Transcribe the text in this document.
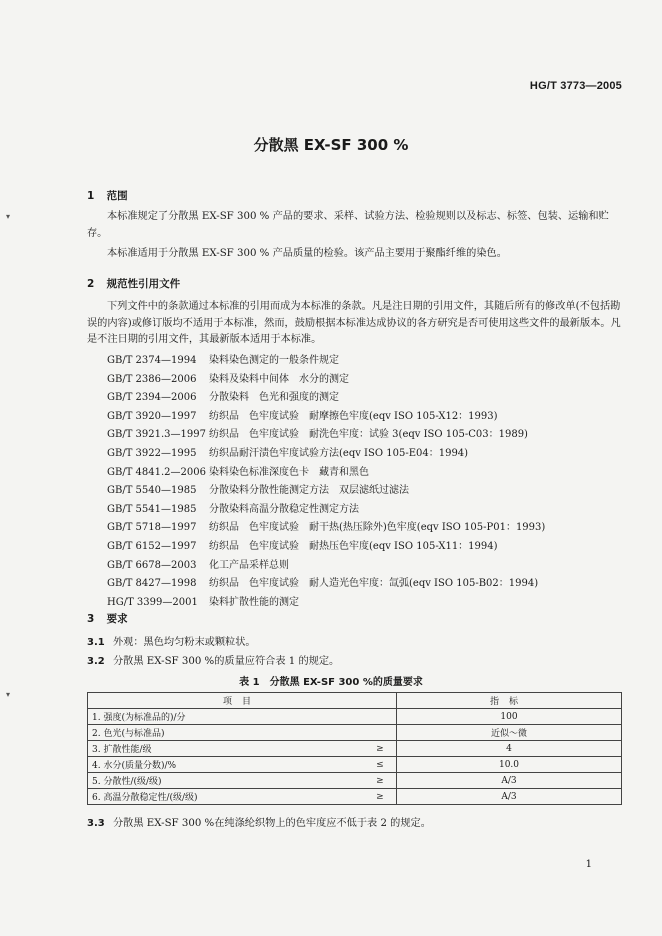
HG/T 3773—2005
分散黑 EX-SF 300 %
1 范围

本标准规定了分散黑 EX-SF 300 % 产品的要求、采样、试验方法、检验规则以及标志、标签、包装、运输和贮存。

本标准适用于分散黑 EX-SF 300 % 产品质量的检验。该产品主要用于聚酯纤维的染色。

2 规范性引用文件

下列文件中的条款通过本标准的引用而成为本标准的条款。凡是注日期的引用文件，其随后所有的修改单(不包括勘误的内容)或修订版均不适用于本标准，然而，鼓励根据本标准达成协议的各方研究是否可使用这些文件的最新版本。凡是不注日期的引用文件，其最新版本适用于本标准。

GB/T 2374—1994 染料染色测定的一般条件规定
GB/T 2386—2006 染料及染料中间体　水分的测定
GB/T 2394—2006 分散染料　色光和强度的测定
GB/T 3920—1997 纺织品　色牢度试验　耐摩擦色牢度(eqv ISO 105-X12：1993)
GB/T 3921.3—1997 纺织品　色牢度试验　耐洗色牢度：试验 3(eqv ISO 105-C03：1989)
GB/T 3922—1995 纺织品耐汗渍色牢度试验方法(eqv ISO 105-E04：1994)
GB/T 4841.2—2006 染料染色标准深度色卡　藏青和黑色
GB/T 5540—1985 分散染料分散性能测定方法　双层滤纸过滤法
GB/T 5541—1985 分散染料高温分散稳定性测定方法
GB/T 5718—1997 纺织品　色牢度试验　耐干热(热压除外)色牢度(eqv ISO 105-P01：1993)
GB/T 6152—1997 纺织品　色牢度试验　耐热压色牢度(eqv ISO 105-X11：1994)
GB/T 6678—2003 化工产品采样总则
GB/T 8427—1998 纺织品　色牢度试验　耐人造光色牢度：氙弧(eqv ISO 105-B02：1994)
HG/T 3399—2001 染料扩散性能的测定
3 要求
3.1 外观：黑色均匀粉末或颗粒状。
3.2 分散黑 EX-SF 300 %的质量应符合表 1 的规定。
表 1　分散黑 EX-SF 300 %的质量要求
项目		指标
1. 强度(为标准品的)/分		100
2. 色光(与标准品)		近似～微
3. 扩散性能/级	≥	4
4. 水分(质量分数)/%	≤	10.0
5. 分散性/(级/级)	≥	A/3
6. 高温分散稳定性/(级/级)	≥	A/3
3.3 分散黑 EX-SF 300 %在纯涤纶织物上的色牢度应不低于表 2 的规定。
1
▾
▾
